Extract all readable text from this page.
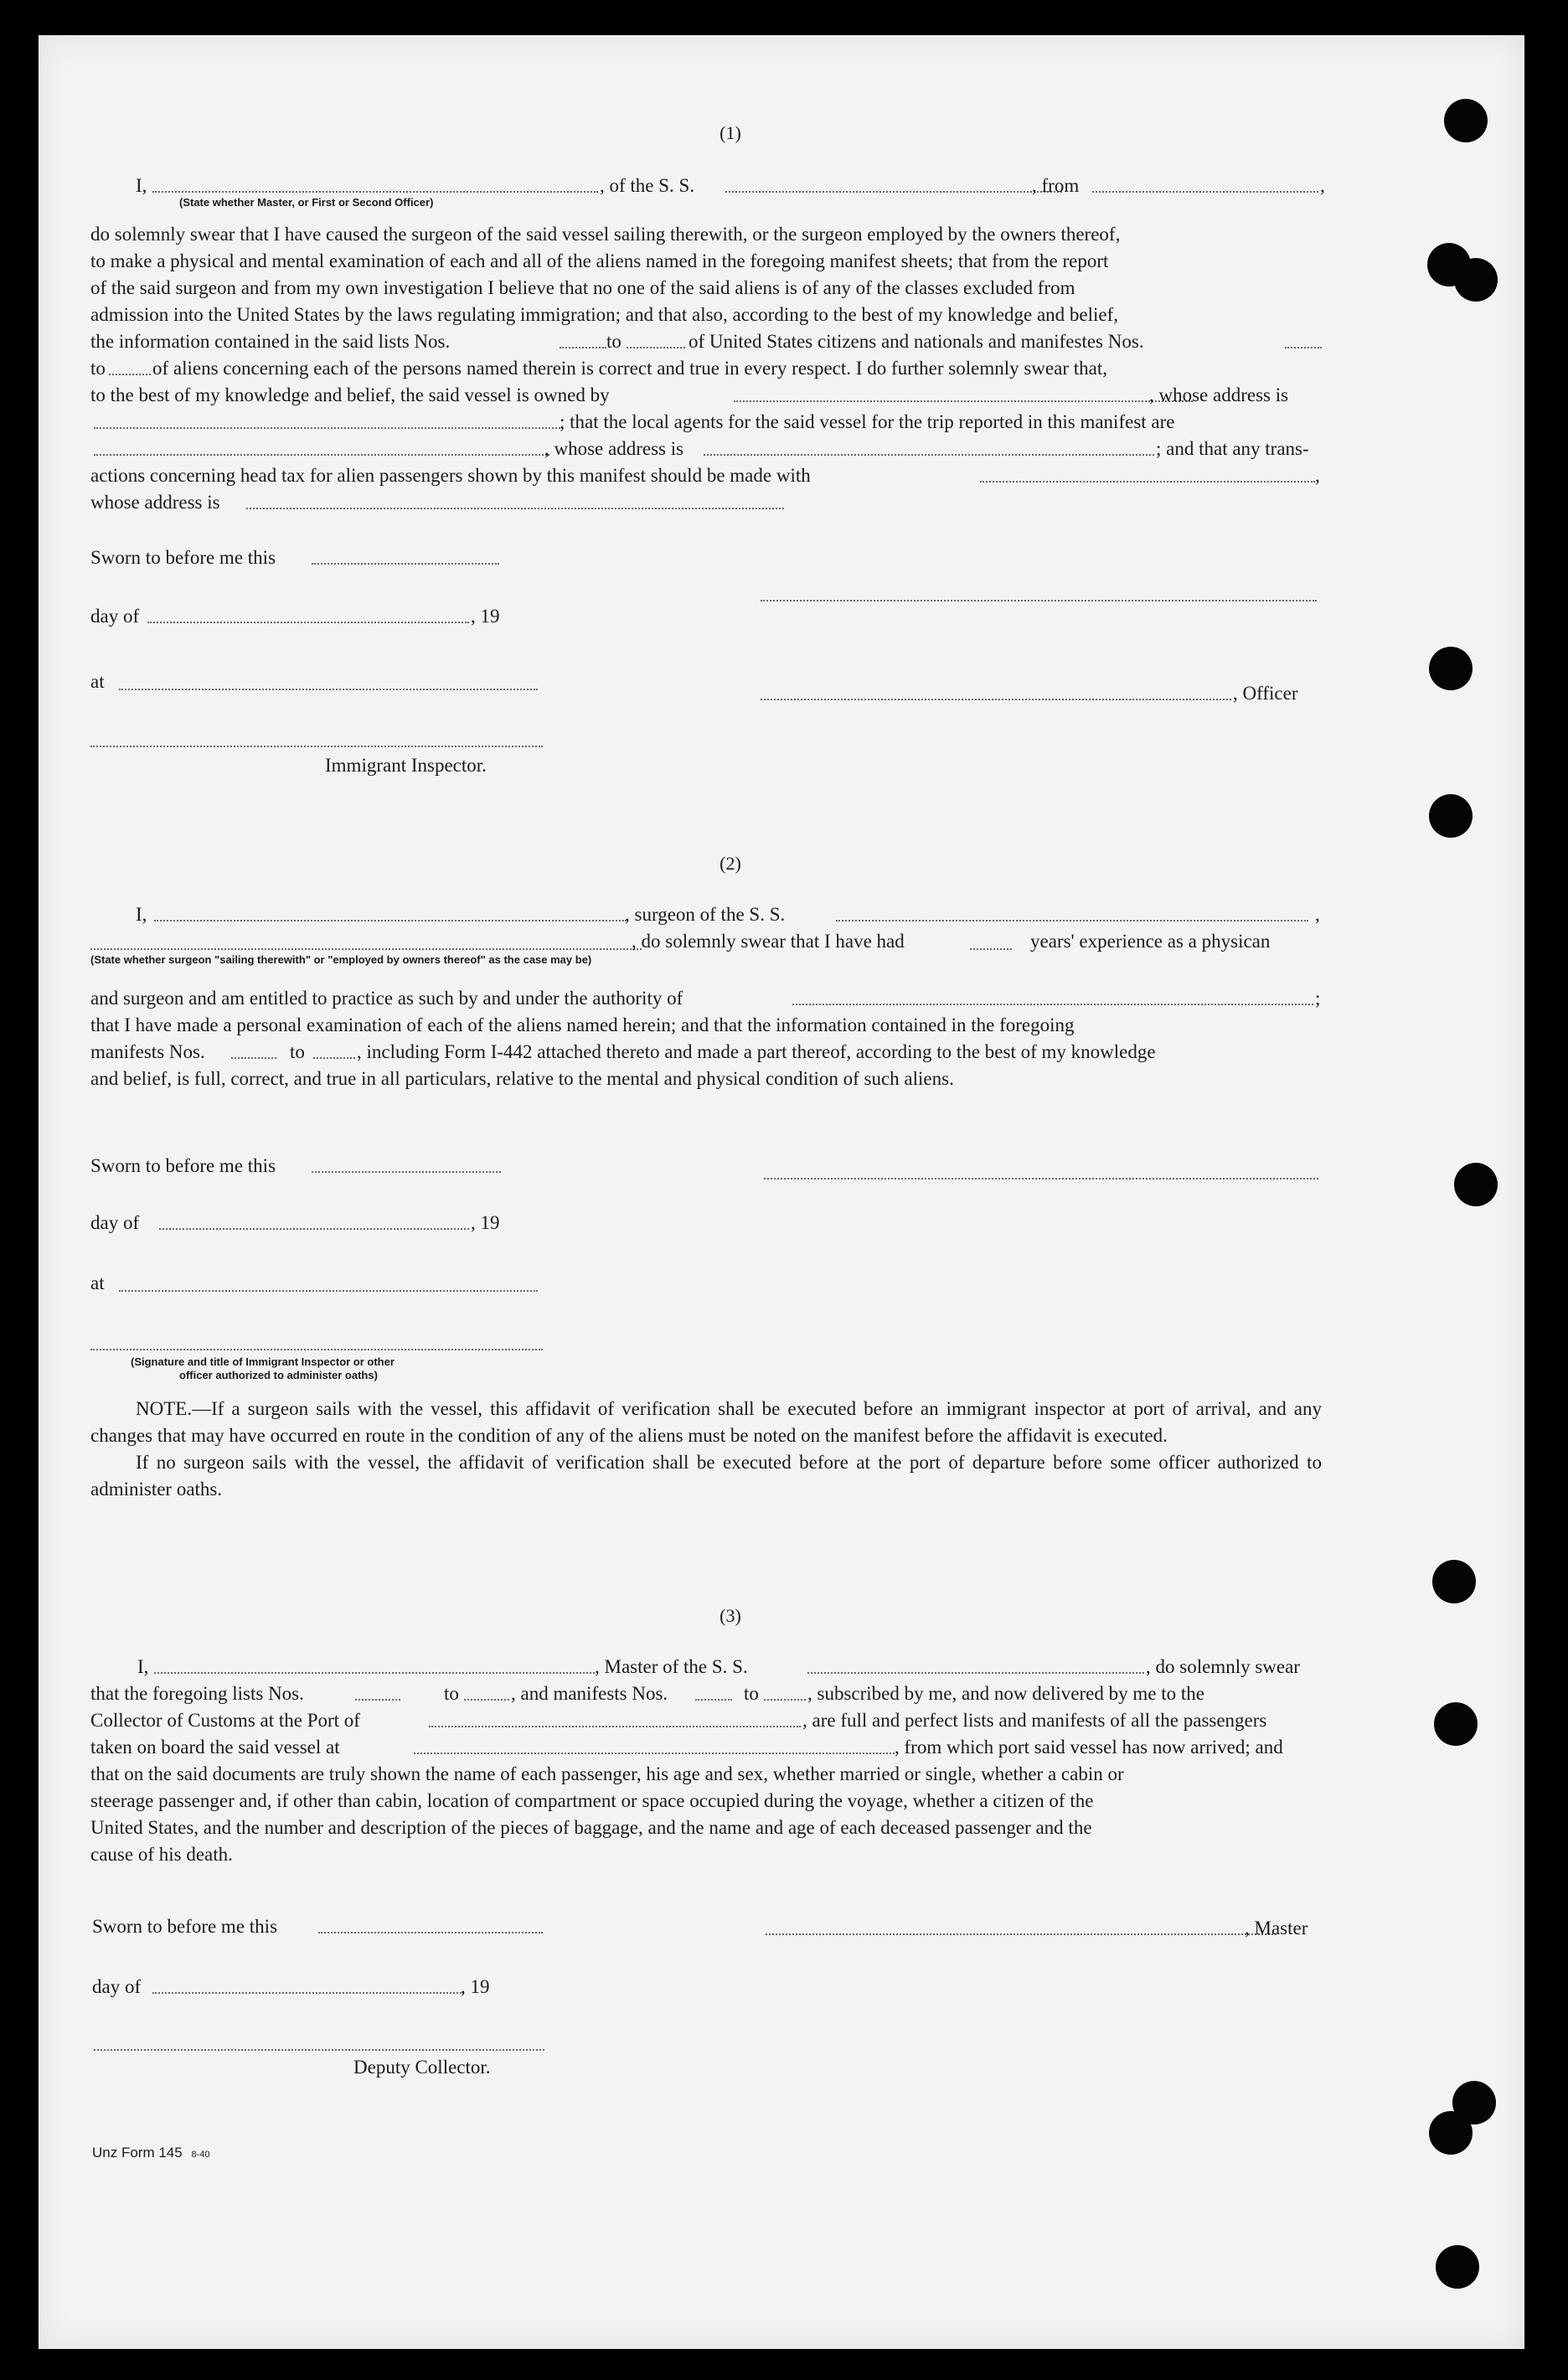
(1)
I,	, of the S. S.	, from	,
(State whether Master, or First or Second Officer)

do solemnly swear that I have caused the surgeon of the said vessel sailing therewith, or the surgeon employed by the owners thereof,

to make a physical and mental examination of each and all of the aliens named in the foregoing manifest sheets; that from the report

of the said surgeon and from my own investigation I believe that no one of the said aliens is of any of the classes excluded from

admission into the United States by the laws regulating immigration; and that also, according to the best of my knowledge and belief,

the information contained in the said lists Nos.	to	of United States citizens and nationals and manifestes Nos.
to of aliens concerning each of the persons named therein is correct and true in every respect. I do further solemnly swear that,
to the best of my knowledge and belief, the said vessel is owned by	, whose address is
; that the local agents for the said vessel for the trip reported in this manifest are
, whose address is	; and that any trans-
actions concerning head tax for alien passengers shown by this manifest should be made with	,
whose address is
Sworn to before me this
day of	, 19
at
, Officer
Immigrant Inspector.
(2)
I,	, surgeon of the S. S.	,
, do solemnly swear that I have had	years' experience as a physican
(State whether surgeon "sailing therewith" or "employed by owners thereof" as the case may be)
and surgeon and am entitled to practice as such by and under the authority of	;
that I have made a personal examination of each of the aliens named herein; and that the information contained in the foregoing
manifests Nos.	to	, including Form I-442 attached thereto and made a part thereof, according to the best of my knowledge
and belief, is full, correct, and true in all particulars, relative to the mental and physical condition of such aliens.
Sworn to before me this
day of	, 19
at
(Signature and title of Immigrant Inspector or other
officer authorized to administer oaths)

NOTE.—If a surgeon sails with the vessel, this affidavit of verification shall be executed before an immigrant inspector at port of arrival, and any changes that may have occurred en route in the condition of any of the aliens must be noted on the manifest before the affidavit is executed.

If no surgeon sails with the vessel, the affidavit of verification shall be executed before at the port of departure before some officer authorized to administer oaths.

(3)
I,	, Master of the S. S.	, do solemnly swear
that the foregoing lists Nos.	to	, and manifests Nos.	to	, subscribed by me, and now delivered by me to the
Collector of Customs at the Port of	, are full and perfect lists and manifests of all the passengers
taken on board the said vessel at	, from which port said vessel has now arrived; and

that on the said documents are truly shown the name of each passenger, his age and sex, whether married or single, whether a cabin or

steerage passenger and, if other than cabin, location of compartment or space occupied during the voyage, whether a citizen of the

United States, and the number and description of the pieces of baggage, and the name and age of each deceased passenger and the

cause of his death.

Sworn to before me this	, Master
day of	, 19
Deputy Collector.
Unz Form 145 8-40
